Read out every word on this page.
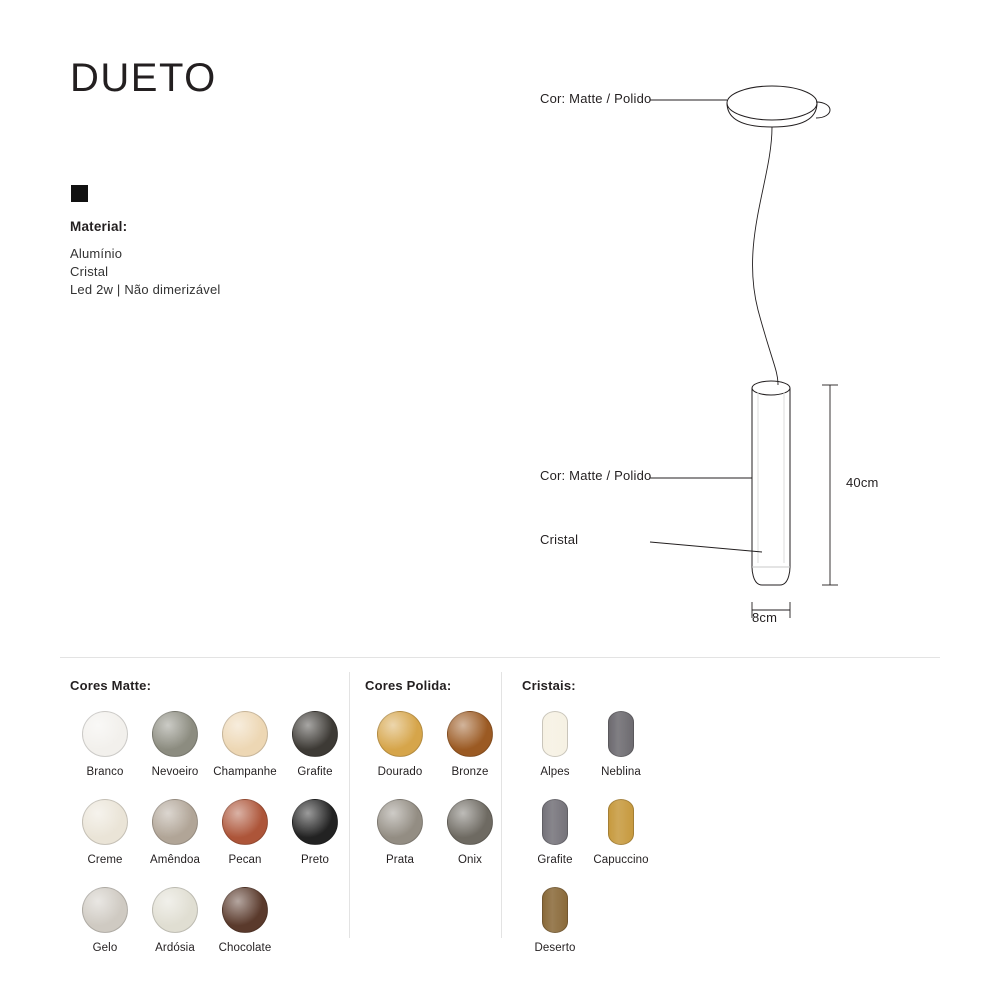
DUETO
Material:
Alumínio
Cristal
Led 2w | Não dimerizável
Cor: Matte / Polido
Cor: Matte / Polido
Cristal
40cm
8cm
Cores Matte:
Branco	Nevoeiro	Champanhe	Grafite
Creme	Amêndoa	Pecan	Preto
Gelo	Ardósia	Chocolate
Cores Polida:
Dourado	Bronze
Prata	Onix
Cristais:
Alpes	Neblina
Grafite	Capuccino
Deserto
